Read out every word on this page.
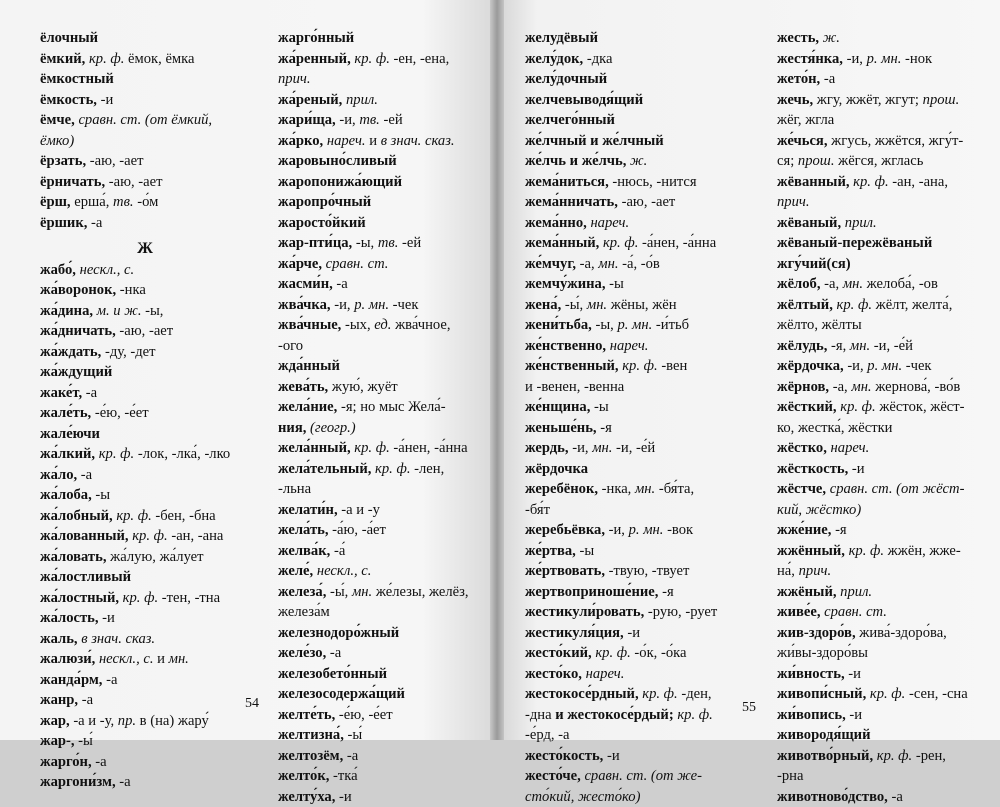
ёлочный
ёмкий, кр. ф. ёмок, ёмка
ёмкостный
ёмкость, -и
ёмче, сравн. ст. (от ёмкий,
ёмко)
ёрзать, -аю, -ает
ёрничать, -аю, -ает
ёрш, ерша́, тв. -о́м
ёршик, -а
Ж
жабо́, нескл., с.
жа́воронок, -нка
жа́дина, м. и ж. -ы,
жа́дничать, -аю, -ает
жа́ждать, -ду, -дет
жа́ждущий
жаке́т, -а
жале́ть, -е́ю, -е́ет
жале́ючи
жа́лкий, кр. ф. -лок, -лка́, -лко
жа́ло, -а
жа́лоба, -ы
жа́лобный, кр. ф. -бен, -бна
жа́лованный, кр. ф. -ан, -ана
жа́ловать, жа́лую, жа́лует
жа́лостливый
жа́лостный, кр. ф. -тен, -тна
жа́лость, -и
жаль, в знач. сказ.
жалюзи́, нескл., с. и мн.
жанда́рм, -а
жанр, -а
жар, -а и -у, пр. в (на) жару́
жар-, -ы́
жарго́н, -а
жаргони́зм, -а
жарго́нный
жа́ренный, кр. ф. -ен, -ена,
прич.
жа́реный, прил.
жари́ща, -и, тв. -ей
жа́рко, нареч. и в знач. сказ.
жаровыно́сливый
жаропонижа́ющий
жаропро́чный
жаросто́йкий
жар-пти́ца, -ы, тв. -ей
жа́рче, сравн. ст.
жасми́н, -а
жва́чка, -и, р. мн. -чек
жва́чные, -ых, ед. жва́чное,
-ого
жда́нный
жева́ть, жую́, жуёт
жела́ние, -я; но мыс Жела́-
ния, (геогр.)
жела́нный, кр. ф. -а́нен, -а́нна
жела́тельный, кр. ф. -лен,
-льна
желати́н, -а и -у
жела́ть, -а́ю, -а́ет
желва́к, -а́
желе́, нескл., с.
железа́, -ы́, мн. же́лезы, желёз,
железа́м
железнодоро́жный
желе́зо, -а
железобето́нный
железосодержа́щий
желте́ть, -е́ю, -е́ет
желтизна́, -ы́
желтозём, -а
желто́к, -тка́
желту́ха, -и
54
желудёвый
желу́док, -дка
желу́дочный
желчевыводя́щий
желчего́нный
же́лчный и же́лчный
же́лчь и же́лчь, ж.
жема́ниться, -нюсь, -нится
жема́нничать, -аю, -ает
жема́нно, нареч.
жема́нный, кр. ф. -а́нен, -а́нна
же́мчуг, -а, мн. -а́, -о́в
жемчу́жина, -ы
жена́, -ы́, мн. жёны, жён
жени́тьба, -ы, р. мн. -и́тьб
же́нственно, нареч.
же́нственный, кр. ф. -вен
и -венен, -венна
же́нщина, -ы
женьше́нь, -я
жердь, -и, мн. -и, -е́й
жёрдочка
жеребёнок, -нка, мн. -бя́та,
-бя́т
жеребьёвка, -и, р. мн. -вок
же́ртва, -ы
же́ртвовать, -твую, -твует
жертвоприноше́ние, -я
жестикули́ровать, -рую, -рует
жестикуля́ция, -и
жесто́кий, кр. ф. -о́к, -о́ка
жесто́ко, нареч.
жестокосе́рдный, кр. ф. -ден,
-дна и жестокосе́рдый; кр. ф.
-е́рд, -а
жесто́кость, -и
жесто́че, сравн. ст. (от же-
сто́кий, жесто́ко)
жесть, ж.
жестя́нка, -и, р. мн. -нок
жето́н, -а
жечь, жгу, жжёт, жгут; прош.
жёг, жгла
же́чься, жгусь, жжётся, жгу́т-
ся; прош. жёгся, жглась
жёванный, кр. ф. -ан, -ана,
прич.
жёваный, прил.
жёваный-пережёваный
жгу́чий(ся)
жёлоб, -а, мн. желоба́, -ов
жёлтый, кр. ф. жёлт, желта́,
жёлто, жёлты
жёлудь, -я, мн. -и, -е́й
жёрдочка, -и, р. мн. -чек
жёрнов, -а, мн. жернова́, -во́в
жёсткий, кр. ф. жёсток, жёст-
ко, жестка́, жёстки
жёстко, нареч.
жёсткость, -и
жёстче, сравн. ст. (от жёст-
кий, жёстко)
жже́ние, -я
жжённый, кр. ф. жжён, жже-
на́, прич.
жжёный, прил.
живе́е, сравн. ст.
жив-здоро́в, жива́-здоро́ва,
жи́вы-здоро́вы
жи́вность, -и
живопи́сный, кр. ф. -сен, -сна
жи́вопись, -и
живородя́щий
животво́рный, кр. ф. -рен,
-рна
животново́дство, -а
55
